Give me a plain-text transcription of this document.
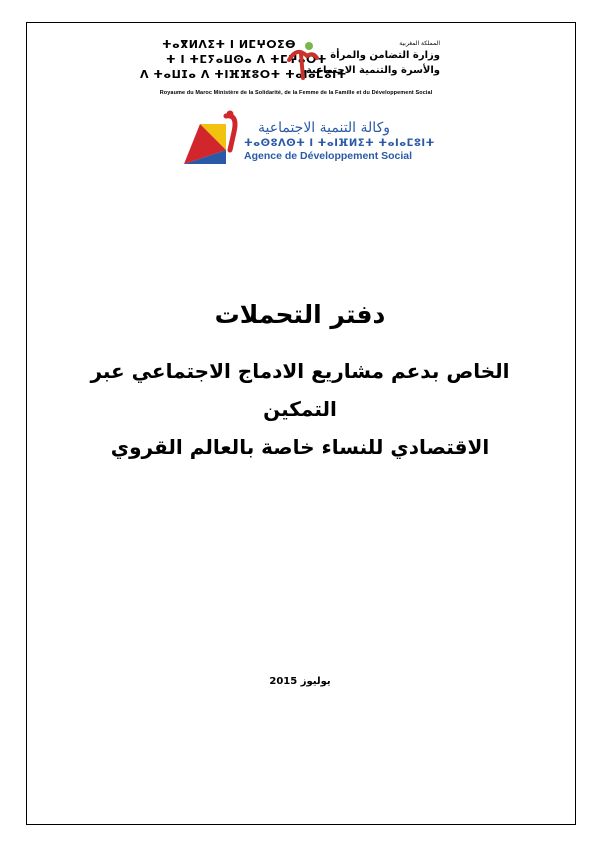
ⵜⴰⴳⵍⴷⵉⵜ ⵏ ⵍⵎⵖⵔⵉⴱ
ⵜ ⵏ ⵜⵎⵢⴰⵡⵙⴰ ⴷ ⵜⵎⵖⴰⵔⵜ
ⴷ ⵜⴰⵡⵊⴰ ⴷ ⵜⵏⴼⴼⵓⵔⵜ ⵜⴰⵏⴰⵎⵓⵏⵜ
المملكة المغربية
وزارة التضامن والمرأة
والأسرة والتنمية الاجتماعية
Royaume du Maroc Ministère de la Solidarité, de la Femme de la Famille et du Développement Social
وكالة التنمية الاجتماعية
ⵜⴰⵙⵓⴷⵙⵜ ⵏ ⵜⴰⵏⴼⵍⵉⵜ ⵜⴰⵏⴰⵎⵓⵏⵜ
Agence de Développement Social
دفتر التحملات
الخاص بدعم مشاريع الادماج الاجتماعي عبر التمكين
الاقتصادي للنساء خاصة بالعالم القروي
يوليوز 2015
